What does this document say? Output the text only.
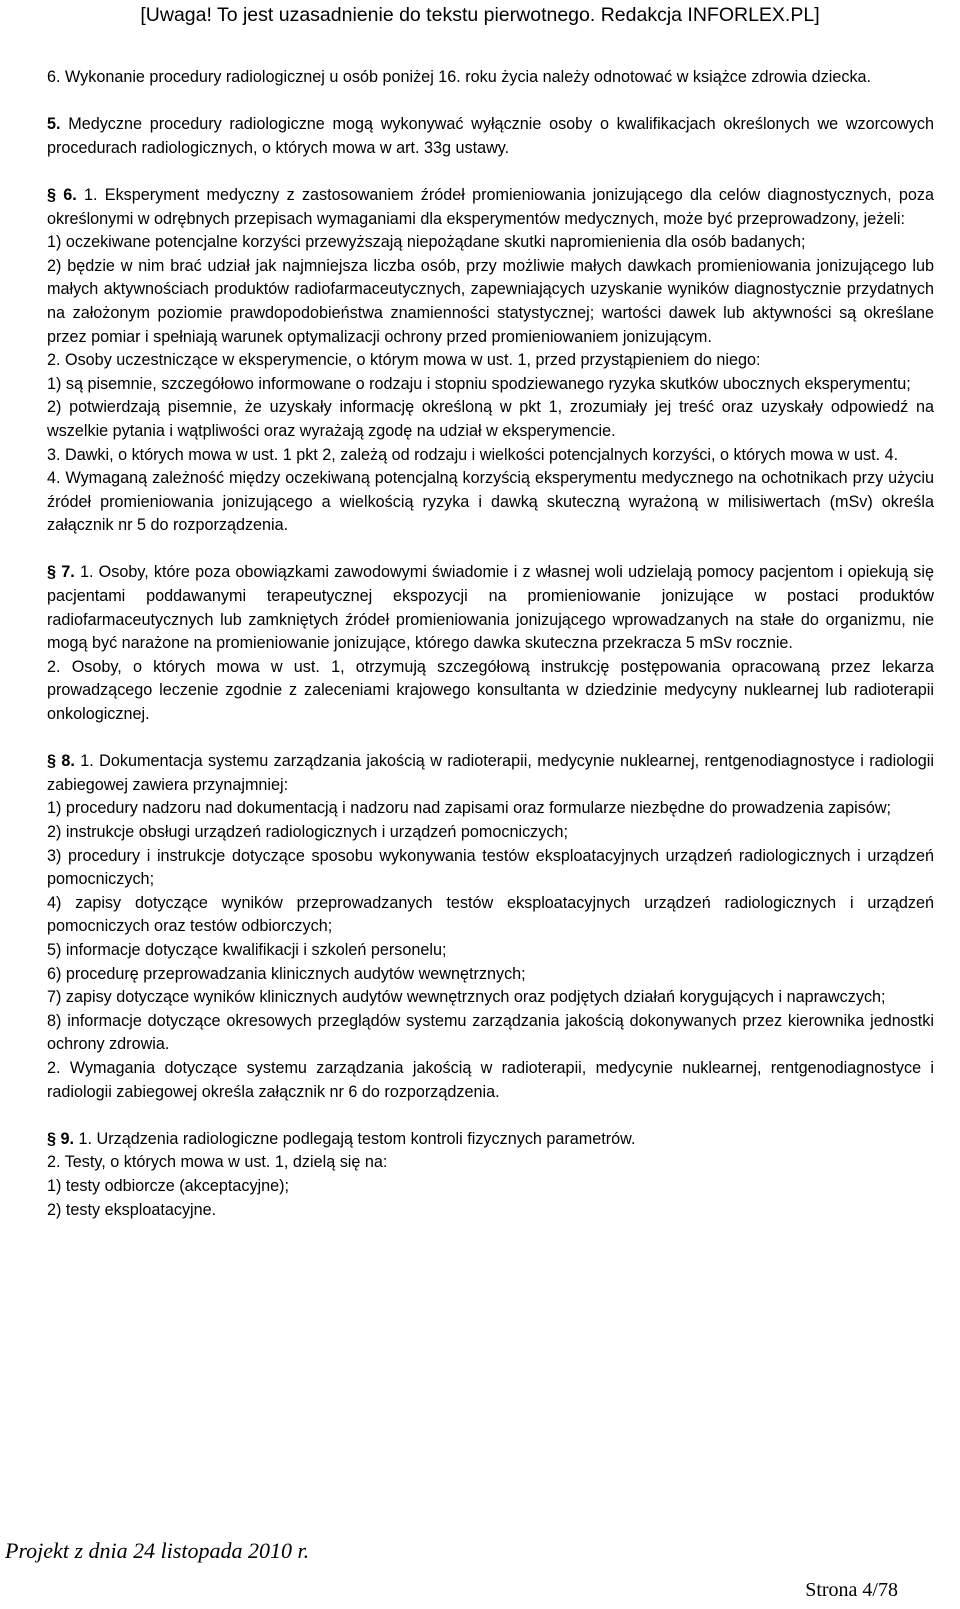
[Uwaga! To jest uzasadnienie do tekstu pierwotnego. Redakcja INFORLEX.PL]

6. Wykonanie procedury radiologicznej u osób poniżej 16. roku życia należy odnotować w książce zdrowia dziecka.

5. Medyczne procedury radiologiczne mogą wykonywać wyłącznie osoby o kwalifikacjach określonych we wzorcowych procedurach radiologicznych, o których mowa w art. 33g ustawy.

§ 6. 1. Eksperyment medyczny z zastosowaniem źródeł promieniowania jonizującego dla celów diagnostycznych, poza określonymi w odrębnych przepisach wymaganiami dla eksperymentów medycznych, może być przeprowadzony, jeżeli:

1) oczekiwane potencjalne korzyści przewyższają niepożądane skutki napromienienia dla osób badanych;

2) będzie w nim brać udział jak najmniejsza liczba osób, przy możliwie małych dawkach promieniowania jonizującego lub małych aktywnościach produktów radiofarmaceutycznych, zapewniających uzyskanie wyników diagnostycznie przydatnych na założonym poziomie prawdopodobieństwa znamienności statystycznej; wartości dawek lub aktywności są określane przez pomiar i spełniają warunek optymalizacji ochrony przed promieniowaniem jonizującym.

2. Osoby uczestniczące w eksperymencie, o którym mowa w ust. 1, przed przystąpieniem do niego:

1) są pisemnie, szczegółowo informowane o rodzaju i stopniu spodziewanego ryzyka skutków ubocznych eksperymentu;

2) potwierdzają pisemnie, że uzyskały informację określoną w pkt 1, zrozumiały jej treść oraz uzyskały odpowiedź na wszelkie pytania i wątpliwości oraz wyrażają zgodę na udział w eksperymencie.

3. Dawki, o których mowa w ust. 1 pkt 2, zależą od rodzaju i wielkości potencjalnych korzyści, o których mowa w ust. 4.

4. Wymaganą zależność między oczekiwaną potencjalną korzyścią eksperymentu medycznego na ochotnikach przy użyciu źródeł promieniowania jonizującego a wielkością ryzyka i dawką skuteczną wyrażoną w milisiwertach (mSv) określa załącznik nr 5 do rozporządzenia.

§ 7. 1. Osoby, które poza obowiązkami zawodowymi świadomie i z własnej woli udzielają pomocy pacjentom i opiekują się pacjentami poddawanymi terapeutycznej ekspozycji na promieniowanie jonizujące w postaci produktów radiofarmaceutycznych lub zamkniętych źródeł promieniowania jonizującego wprowadzanych na stałe do organizmu, nie mogą być narażone na promieniowanie jonizujące, którego dawka skuteczna przekracza 5 mSv rocznie.

2. Osoby, o których mowa w ust. 1, otrzymują szczegółową instrukcję postępowania opracowaną przez lekarza prowadzącego leczenie zgodnie z zaleceniami krajowego konsultanta w dziedzinie medycyny nuklearnej lub radioterapii onkologicznej.

§ 8. 1. Dokumentacja systemu zarządzania jakością w radioterapii, medycynie nuklearnej, rentgenodiagnostyce i radiologii zabiegowej zawiera przynajmniej:

1) procedury nadzoru nad dokumentacją i nadzoru nad zapisami oraz formularze niezbędne do prowadzenia zapisów;

2) instrukcje obsługi urządzeń radiologicznych i urządzeń pomocniczych;

3) procedury i instrukcje dotyczące sposobu wykonywania testów eksploatacyjnych urządzeń radiologicznych i urządzeń pomocniczych;

4) zapisy dotyczące wyników przeprowadzanych testów eksploatacyjnych urządzeń radiologicznych i urządzeń pomocniczych oraz testów odbiorczych;

5) informacje dotyczące kwalifikacji i szkoleń personelu;

6) procedurę przeprowadzania klinicznych audytów wewnętrznych;

7) zapisy dotyczące wyników klinicznych audytów wewnętrznych oraz podjętych działań korygujących i naprawczych;

8) informacje dotyczące okresowych przeglądów systemu zarządzania jakością dokonywanych przez kierownika jednostki ochrony zdrowia.

2. Wymagania dotyczące systemu zarządzania jakością w radioterapii, medycynie nuklearnej, rentgenodiagnostyce i radiologii zabiegowej określa załącznik nr 6 do rozporządzenia.

§ 9. 1. Urządzenia radiologiczne podlegają testom kontroli fizycznych parametrów.

2. Testy, o których mowa w ust. 1, dzielą się na:

1) testy odbiorcze (akceptacyjne);

2) testy eksploatacyjne.

Projekt z dnia 24 listopada 2010 r.
Strona 4/78
